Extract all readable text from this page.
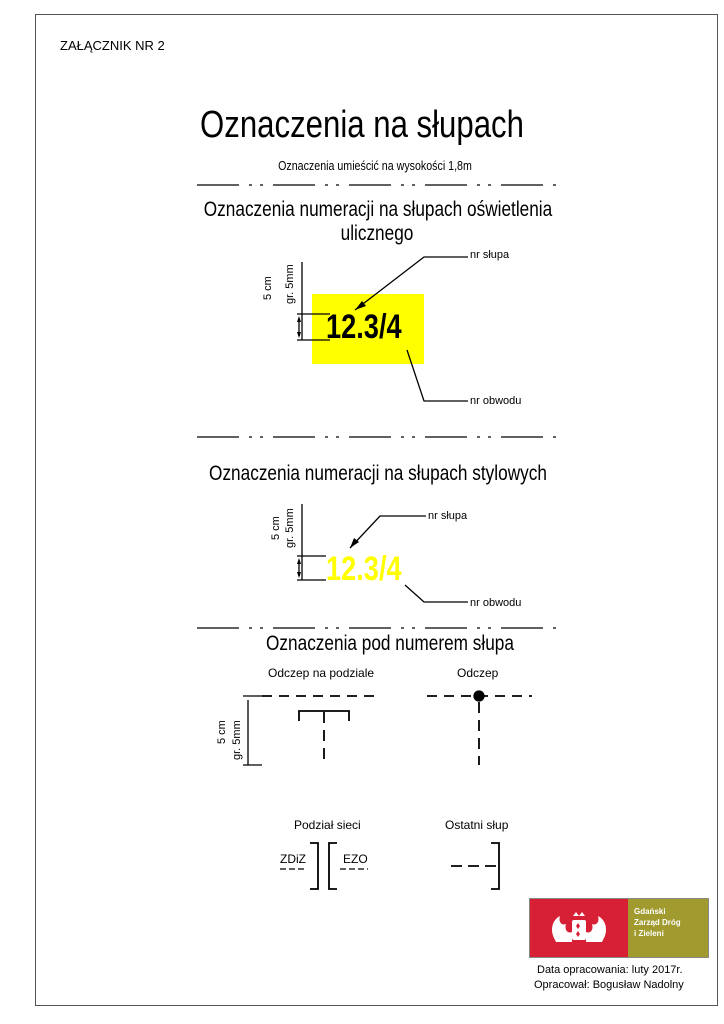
ZAŁĄCZNIK NR 2
Oznaczenia na słupach
Oznaczenia umieścić na wysokości 1,8m
Oznaczenia numeracji na słupach oświetlenia
ulicznego
12.3/4
nr słupa
nr obwodu
5 cm gr. 5mm
Oznaczenia numeracji na słupach stylowych
12.3/4
nr słupa
nr obwodu
5 cm gr. 5mm
Oznaczenia pod numerem słupa
Odczep na podziale	Odczep
5 cm gr. 5mm
Podział sieci	Ostatni słup
ZDiZ	EZO
Gdański
Zarząd Dróg
i Zieleni
Data opracowania: luty 2017r.
Opracował: Bogusław Nadolny
